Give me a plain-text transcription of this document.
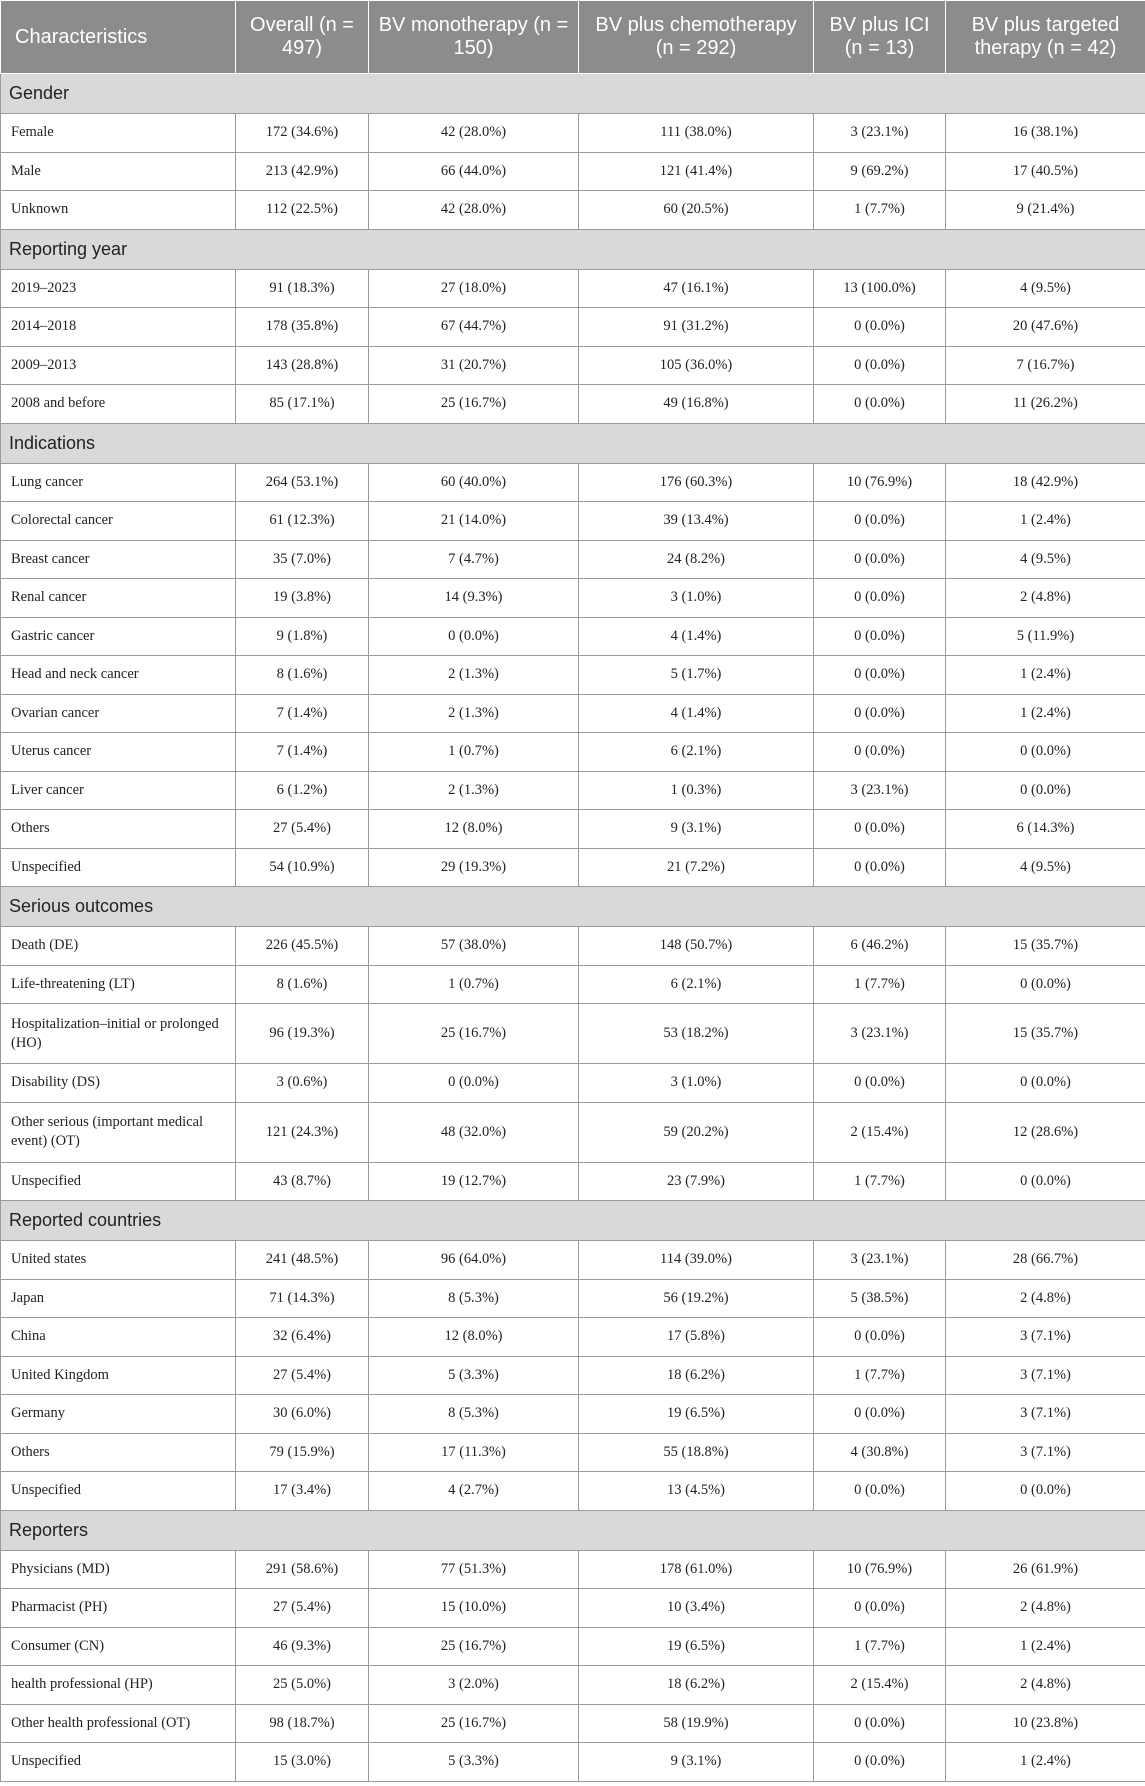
Characteristics	Overall (n = 497)	BV monotherapy (n = 150)	BV plus chemotherapy (n = 292)	BV plus ICI (n = 13)	BV plus targeted therapy (n = 42)
Gender					
Female	172 (34.6%)	42 (28.0%)	111 (38.0%)	3 (23.1%)	16 (38.1%)
Male	213 (42.9%)	66 (44.0%)	121 (41.4%)	9 (69.2%)	17 (40.5%)
Unknown	112 (22.5%)	42 (28.0%)	60 (20.5%)	1 (7.7%)	9 (21.4%)
Reporting year					
2019–2023	91 (18.3%)	27 (18.0%)	47 (16.1%)	13 (100.0%)	4 (9.5%)
2014–2018	178 (35.8%)	67 (44.7%)	91 (31.2%)	0 (0.0%)	20 (47.6%)
2009–2013	143 (28.8%)	31 (20.7%)	105 (36.0%)	0 (0.0%)	7 (16.7%)
2008 and before	85 (17.1%)	25 (16.7%)	49 (16.8%)	0 (0.0%)	11 (26.2%)
Indications					
Lung cancer	264 (53.1%)	60 (40.0%)	176 (60.3%)	10 (76.9%)	18 (42.9%)
Colorectal cancer	61 (12.3%)	21 (14.0%)	39 (13.4%)	0 (0.0%)	1 (2.4%)
Breast cancer	35 (7.0%)	7 (4.7%)	24 (8.2%)	0 (0.0%)	4 (9.5%)
Renal cancer	19 (3.8%)	14 (9.3%)	3 (1.0%)	0 (0.0%)	2 (4.8%)
Gastric cancer	9 (1.8%)	0 (0.0%)	4 (1.4%)	0 (0.0%)	5 (11.9%)
Head and neck cancer	8 (1.6%)	2 (1.3%)	5 (1.7%)	0 (0.0%)	1 (2.4%)
Ovarian cancer	7 (1.4%)	2 (1.3%)	4 (1.4%)	0 (0.0%)	1 (2.4%)
Uterus cancer	7 (1.4%)	1 (0.7%)	6 (2.1%)	0 (0.0%)	0 (0.0%)
Liver cancer	6 (1.2%)	2 (1.3%)	1 (0.3%)	3 (23.1%)	0 (0.0%)
Others	27 (5.4%)	12 (8.0%)	9 (3.1%)	0 (0.0%)	6 (14.3%)
Unspecified	54 (10.9%)	29 (19.3%)	21 (7.2%)	0 (0.0%)	4 (9.5%)
Serious outcomes					
Death (DE)	226 (45.5%)	57 (38.0%)	148 (50.7%)	6 (46.2%)	15 (35.7%)
Life-threatening (LT)	8 (1.6%)	1 (0.7%)	6 (2.1%)	1 (7.7%)	0 (0.0%)
Hospitalization–initial or prolonged (HO)	96 (19.3%)	25 (16.7%)	53 (18.2%)	3 (23.1%)	15 (35.7%)
Disability (DS)	3 (0.6%)	0 (0.0%)	3 (1.0%)	0 (0.0%)	0 (0.0%)
Other serious (important medical event) (OT)	121 (24.3%)	48 (32.0%)	59 (20.2%)	2 (15.4%)	12 (28.6%)
Unspecified	43 (8.7%)	19 (12.7%)	23 (7.9%)	1 (7.7%)	0 (0.0%)
Reported countries					
United states	241 (48.5%)	96 (64.0%)	114 (39.0%)	3 (23.1%)	28 (66.7%)
Japan	71 (14.3%)	8 (5.3%)	56 (19.2%)	5 (38.5%)	2 (4.8%)
China	32 (6.4%)	12 (8.0%)	17 (5.8%)	0 (0.0%)	3 (7.1%)
United Kingdom	27 (5.4%)	5 (3.3%)	18 (6.2%)	1 (7.7%)	3 (7.1%)
Germany	30 (6.0%)	8 (5.3%)	19 (6.5%)	0 (0.0%)	3 (7.1%)
Others	79 (15.9%)	17 (11.3%)	55 (18.8%)	4 (30.8%)	3 (7.1%)
Unspecified	17 (3.4%)	4 (2.7%)	13 (4.5%)	0 (0.0%)	0 (0.0%)
Reporters					
Physicians (MD)	291 (58.6%)	77 (51.3%)	178 (61.0%)	10 (76.9%)	26 (61.9%)
Pharmacist (PH)	27 (5.4%)	15 (10.0%)	10 (3.4%)	0 (0.0%)	2 (4.8%)
Consumer (CN)	46 (9.3%)	25 (16.7%)	19 (6.5%)	1 (7.7%)	1 (2.4%)
health professional (HP)	25 (5.0%)	3 (2.0%)	18 (6.2%)	2 (15.4%)	2 (4.8%)
Other health professional (OT)	98 (18.7%)	25 (16.7%)	58 (19.9%)	0 (0.0%)	10 (23.8%)
Unspecified	15 (3.0%)	5 (3.3%)	9 (3.1%)	0 (0.0%)	1 (2.4%)
